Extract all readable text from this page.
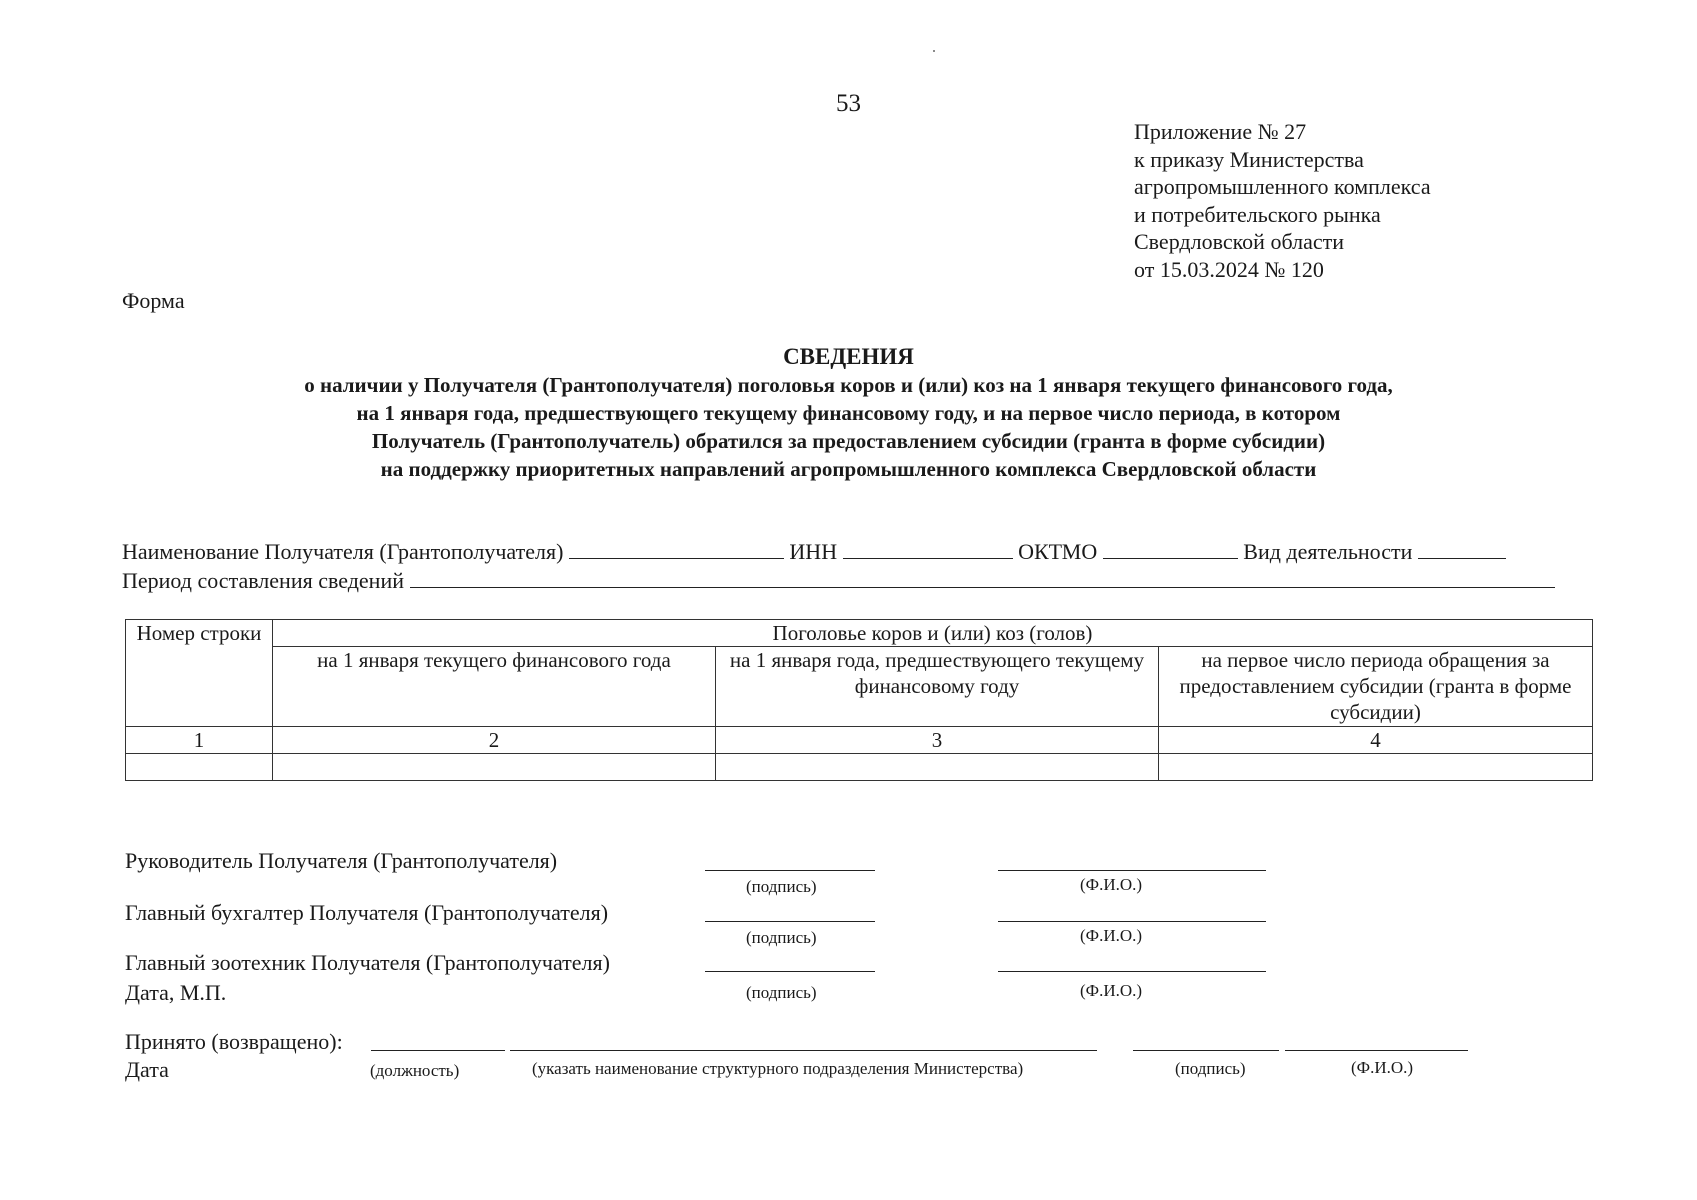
53
Приложение № 27
к приказу Министерства
агропромышленного комплекса
и потребительского рынка
Свердловской области
от 15.03.2024 № 120
Форма
СВЕДЕНИЯ
о наличии у Получателя (Грантополучателя) поголовья коров и (или) коз на 1 января текущего финансового года,
на 1 января года, предшествующего текущему финансовому году, и на первое число периода, в котором
Получатель (Грантополучатель) обратился за предоставлением субсидии (гранта в форме субсидии)
на поддержку приоритетных направлений агропромышленного комплекса Свердловской области
Наименование Получателя (Грантополучателя)	ИНН	ОКТМО	Вид деятельности
Период составления сведений
Номер строки	Поголовье коров и (или) коз (голов)		
	на 1 января текущего финансового года	на 1 января года, предшествующего текущему финансовому году	на первое число периода обращения за предоставлением субсидии (гранта в форме субсидии)
1	2	3	4

Руководитель Получателя (Грантополучателя)
(подпись)	(Ф.И.О.)
Главный бухгалтер Получателя (Грантополучателя)
(подпись)	(Ф.И.О.)
Главный зоотехник Получателя (Грантополучателя)
Дата, М.П.	(подпись)	(Ф.И.О.)
Принято (возвращено):
Дата	(должность)	(указать наименование структурного подразделения Министерства)	(подпись)	(Ф.И.О.)
